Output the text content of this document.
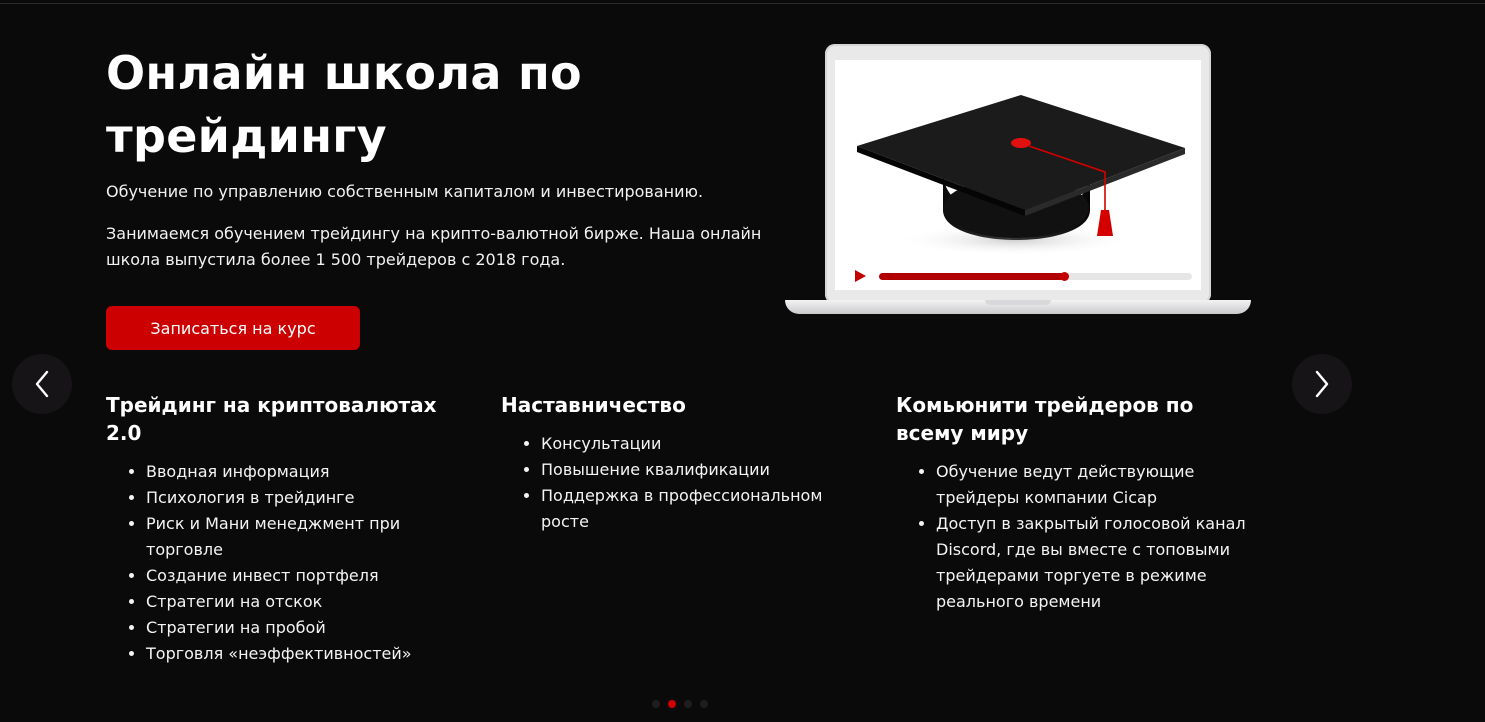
Онлайн школа по трейдингу

Обучение по управлению собственным капиталом и инвестированию.

Занимаемся обучением трейдингу на крипто-валютной бирже. Наша онлайн школа выпустила более 1 500 трейдеров с 2018 года.

Записаться на курс
Трейдинг на криптовалютах 2.0
• Вводная информация
• Психология в трейдинге
• Риск и Мани менеджмент при торговле
• Создание инвест портфеля
• Стратегии на отскок
• Стратегии на пробой
• Торговля «неэффективностей»
Наставничество
• Консультации
• Повышение квалификации
• Поддержка в профессиональном росте
Комьюнити трейдеров по всему миру
• Обучение ведут действующие трейдеры компании Cicap
• Доступ в закрытый голосовой канал Discord, где вы вместе с топовыми трейдерами торгуете в режиме реального времени
